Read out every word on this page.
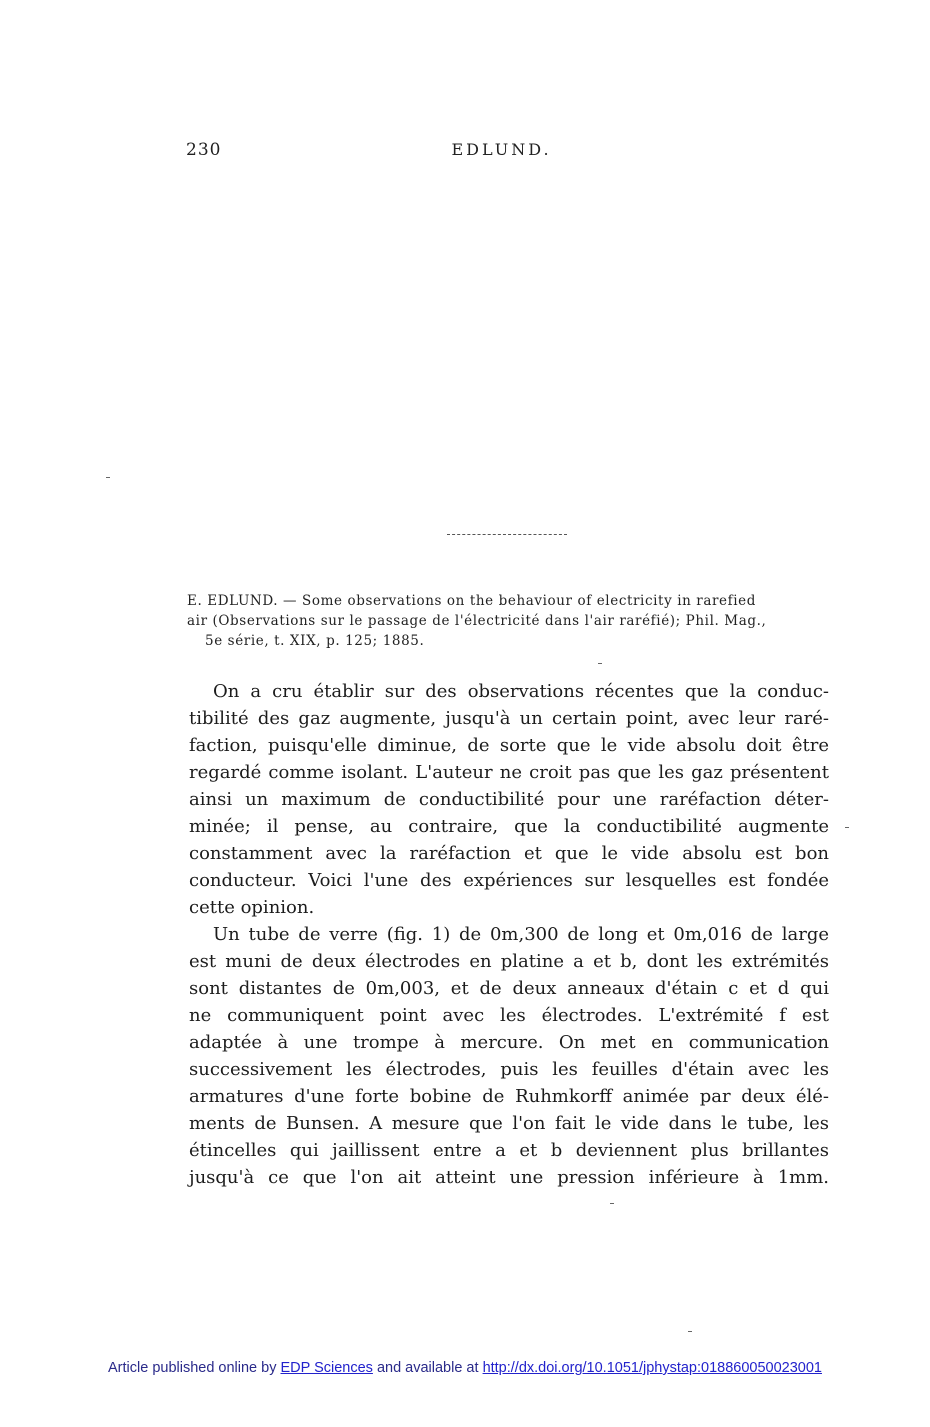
230	EDLUND.
E. EDLUND. — Some observations on the behaviour of electricity in rarefied
air (Observations sur le passage de l'électricité dans l'air raréfié); Phil. Mag.,
5e série, t. XIX, p. 125; 1885.
On a cru établir sur des observations récentes que la conduc-
tibilité des gaz augmente, jusqu'à un certain point, avec leur raré-
faction, puisqu'elle diminue, de sorte que le vide absolu doit être
regardé comme isolant. L'auteur ne croit pas que les gaz présentent
ainsi un maximum de conductibilité pour une raréfaction déter-
minée; il pense, au contraire, que la conductibilité augmente
constamment avec la raréfaction et que le vide absolu est bon
conducteur. Voici l'une des expériences sur lesquelles est fondée
cette opinion.
Un tube de verre (fig. 1) de 0m,300 de long et 0m,016 de large
est muni de deux électrodes en platine a et b, dont les extrémités
sont distantes de 0m,003, et de deux anneaux d'étain c et d qui
ne communiquent point avec les électrodes. L'extrémité f est
adaptée à une trompe à mercure. On met en communication
successivement les électrodes, puis les feuilles d'étain avec les
armatures d'une forte bobine de Ruhmkorff animée par deux élé-
ments de Bunsen. A mesure que l'on fait le vide dans le tube, les
étincelles qui jaillissent entre a et b deviennent plus brillantes
jusqu'à ce que l'on ait atteint une pression inférieure à 1mm.
Article published online by EDP Sciences and available at http://dx.doi.org/10.1051/jphystap:018860050023001
